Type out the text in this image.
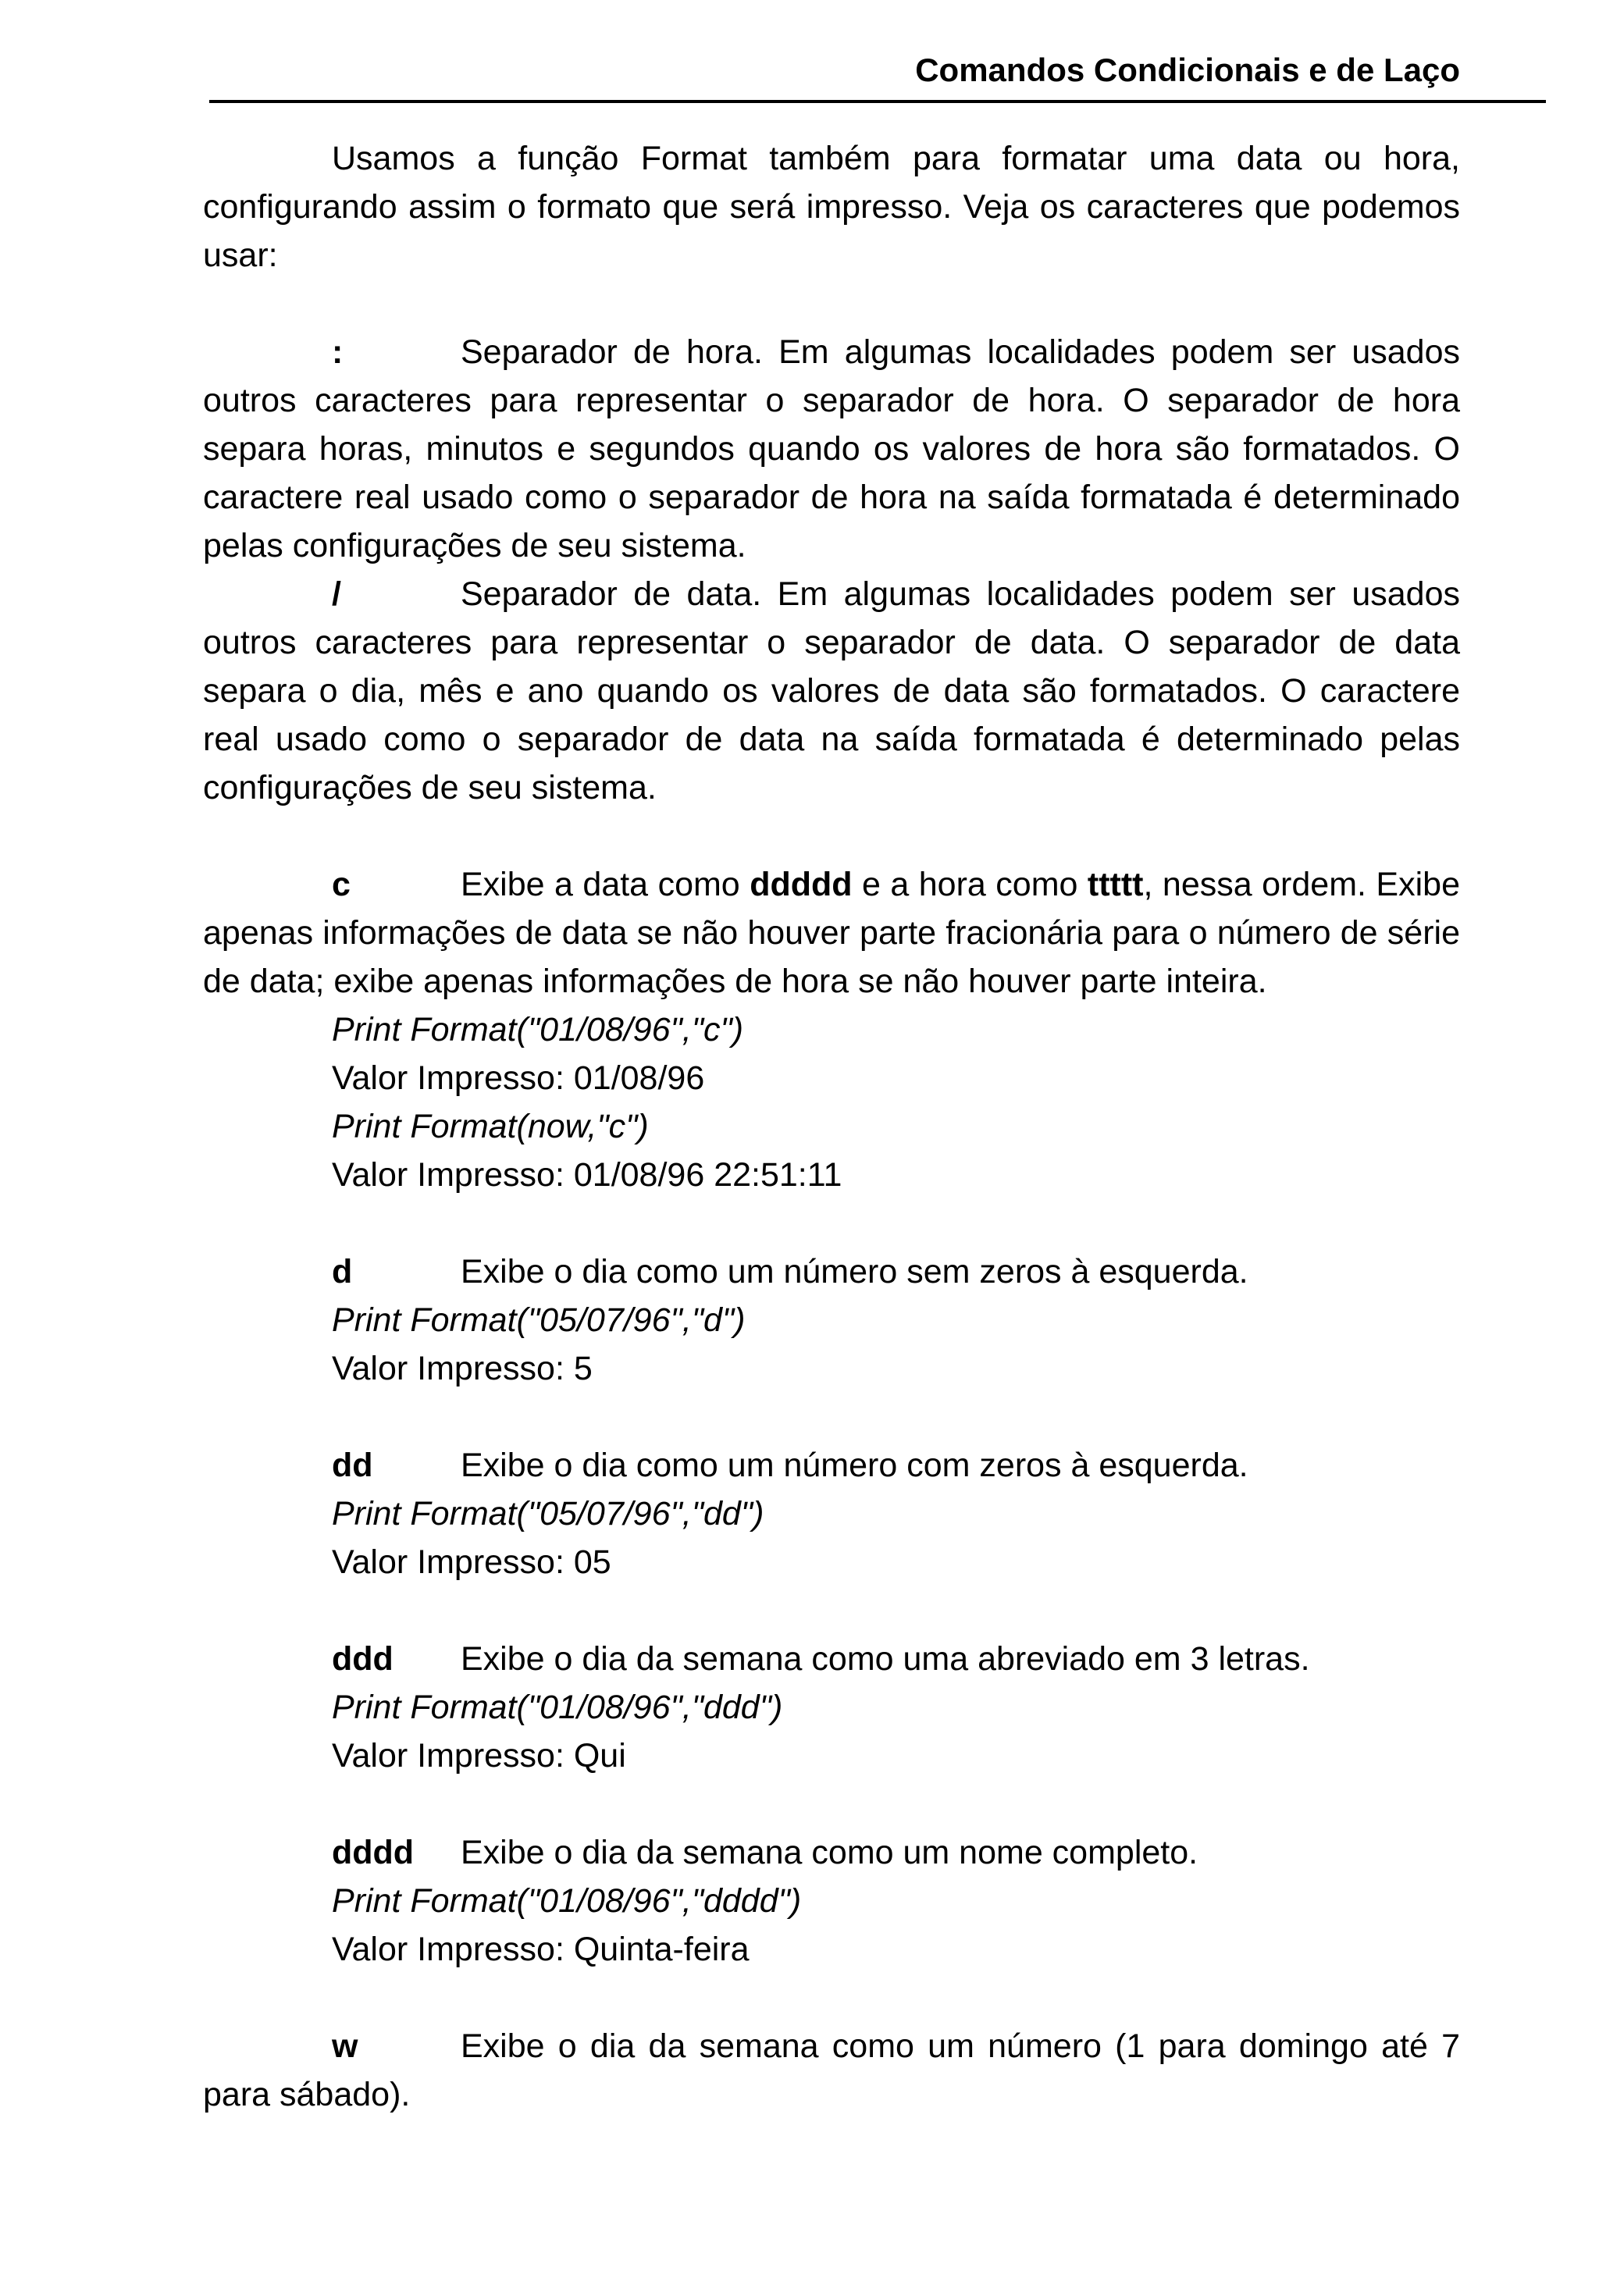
Comandos Condicionais e de Laço

Usamos a função Format também para formatar uma data ou hora, configurando assim o formato que será impresso. Veja os caracteres que podemos usar:

:	Separador de hora. Em algumas localidades podem ser usados outros caracteres para representar o separador de hora. O separador de hora separa horas, minutos e segundos quando os valores de hora são formatados. O caractere real usado como o separador de hora na saída formatada é determinado pelas configurações de seu sistema.

/	Separador de data. Em algumas localidades podem ser usados outros caracteres para representar o separador de data. O separador de data separa o dia, mês e ano quando os valores de data são formatados. O caractere real usado como o separador de data na saída formatada é determinado pelas configurações de seu sistema.

c	Exibe a data como ddddd e a hora como ttttt, nessa ordem. Exibe apenas informações de data se não houver parte fracionária para o número de série de data; exibe apenas informações de hora se não houver parte inteira.

Print Format("01/08/96","c")
Valor Impresso: 01/08/96
Print Format(now,"c")
Valor Impresso: 01/08/96 22:51:11

d	Exibe o dia como um número sem zeros à esquerda.

Print Format("05/07/96","d")
Valor Impresso: 5

dd	Exibe o dia como um número com zeros à esquerda.

Print Format("05/07/96","dd")
Valor Impresso: 05

ddd Exibe o dia da semana como uma abreviado em 3 letras.

Print Format("01/08/96","ddd")
Valor Impresso: Qui

dddd Exibe o dia da semana como um nome completo.

Print Format("01/08/96","dddd")
Valor Impresso: Quinta-feira

w	Exibe o dia da semana como um número (1 para domingo até 7 para sábado).
